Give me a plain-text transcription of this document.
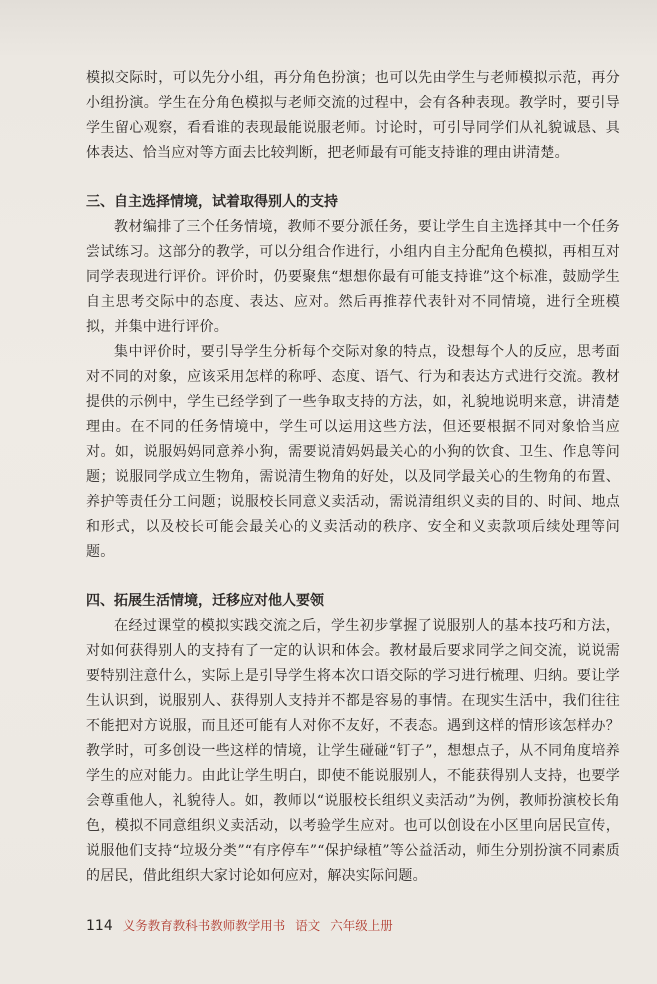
模拟交际时，可以先分小组，再分角色扮演；也可以先由学生与老师模拟示范，再分小组扮演。学生在分角色模拟与老师交流的过程中，会有各种表现。教学时，要引导学生留心观察，看看谁的表现最能说服老师。讨论时，可引导同学们从礼貌诚恳、具体表达、恰当应对等方面去比较判断，把老师最有可能支持谁的理由讲清楚。

三、自主选择情境，试着取得别人的支持

教材编排了三个任务情境，教师不要分派任务，要让学生自主选择其中一个任务尝试练习。这部分的教学，可以分组合作进行，小组内自主分配角色模拟，再相互对同学表现进行评价。评价时，仍要聚焦“想想你最有可能支持谁”这个标准，鼓励学生自主思考交际中的态度、表达、应对。然后再推荐代表针对不同情境，进行全班模拟，并集中进行评价。

集中评价时，要引导学生分析每个交际对象的特点，设想每个人的反应，思考面对不同的对象，应该采用怎样的称呼、态度、语气、行为和表达方式进行交流。教材提供的示例中，学生已经学到了一些争取支持的方法，如，礼貌地说明来意，讲清楚理由。在不同的任务情境中，学生可以运用这些方法，但还要根据不同对象恰当应对。如，说服妈妈同意养小狗，需要说清妈妈最关心的小狗的饮食、卫生、作息等问题；说服同学成立生物角，需说清生物角的好处，以及同学最关心的生物角的布置、养护等责任分工问题；说服校长同意义卖活动，需说清组织义卖的目的、时间、地点和形式，以及校长可能会最关心的义卖活动的秩序、安全和义卖款项后续处理等问题。

四、拓展生活情境，迁移应对他人要领

在经过课堂的模拟实践交流之后，学生初步掌握了说服别人的基本技巧和方法，对如何获得别人的支持有了一定的认识和体会。教材最后要求同学之间交流，说说需要特别注意什么，实际上是引导学生将本次口语交际的学习进行梳理、归纳。要让学生认识到，说服别人、获得别人支持并不都是容易的事情。在现实生活中，我们往往不能把对方说服，而且还可能有人对你不友好，不表态。遇到这样的情形该怎样办？教学时，可多创设一些这样的情境，让学生碰碰“钉子”，想想点子，从不同角度培养学生的应对能力。由此让学生明白，即使不能说服别人，不能获得别人支持，也要学会尊重他人，礼貌待人。如，教师以“说服校长组织义卖活动”为例，教师扮演校长角色，模拟不同意组织义卖活动，以考验学生应对。也可以创设在小区里向居民宣传，说服他们支持“垃圾分类”“有序停车”“保护绿植”等公益活动，师生分别扮演不同素质的居民，借此组织大家讨论如何应对，解决实际问题。

114 义务教育教科书教师教学用书 语文 六年级上册
